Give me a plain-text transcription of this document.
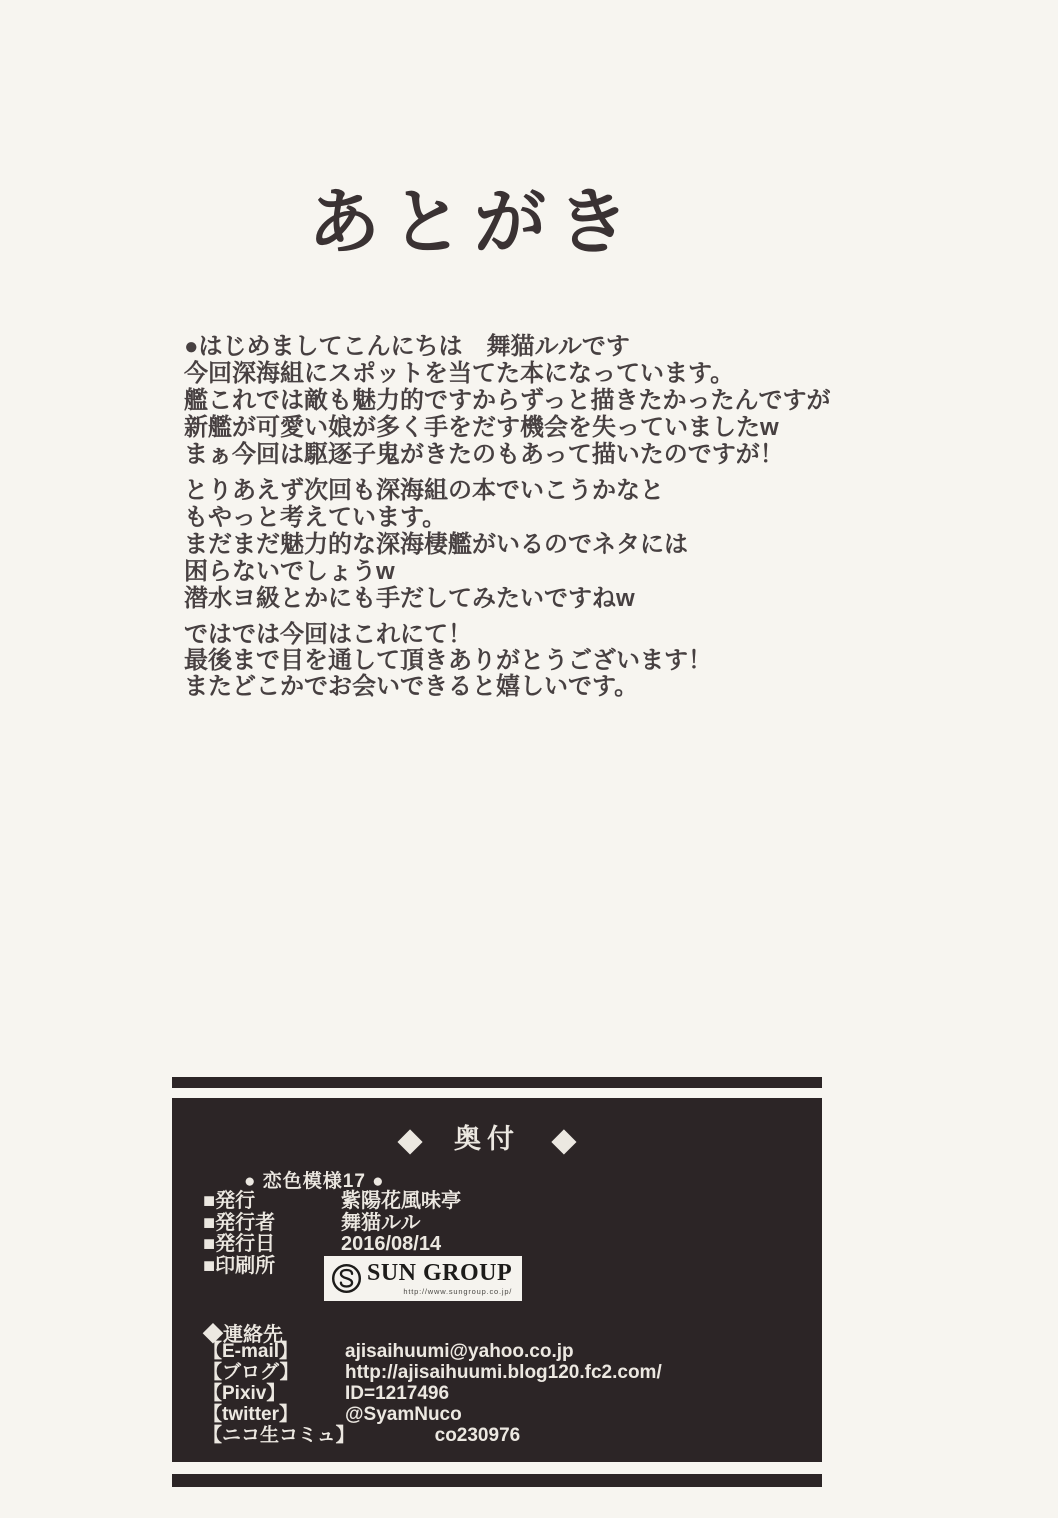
あとがき
●はじめましてこんにちは　舞猫ルルです
今回深海組にスポットを当てた本になっています。
艦これでは敵も魅力的ですからずっと描きたかったんですが
新艦が可愛い娘が多く手をだす機会を失っていましたw
まぁ今回は駆逐子鬼がきたのもあって描いたのですが！
とりあえず次回も深海組の本でいこうかなと
もやっと考えています。
まだまだ魅力的な深海棲艦がいるのでネタには
困らないでしょうw
潜水ヨ級とかにも手だしてみたいですねw
ではでは今回はこれにて！
最後まで目を通して頂きありがとうございます！
またどこかでお会いできると嬉しいです。
◆ 奥付 ◆
● 恋色模様17 ●
■発行	紫陽花風味亭
■発行者	舞猫ルル
■発行日	2016/08/14
■印刷所	SUN GROUP
http://www.sungroup.co.jp/
◆連絡先
【E-mail】	ajisaihuumi@yahoo.co.jp
【ブログ】	http://ajisaihuumi.blog120.fc2.com/
【Pixiv】	ID=1217496
【twitter】	@SyamNuco
【ニコ生コミュ】	co230976
